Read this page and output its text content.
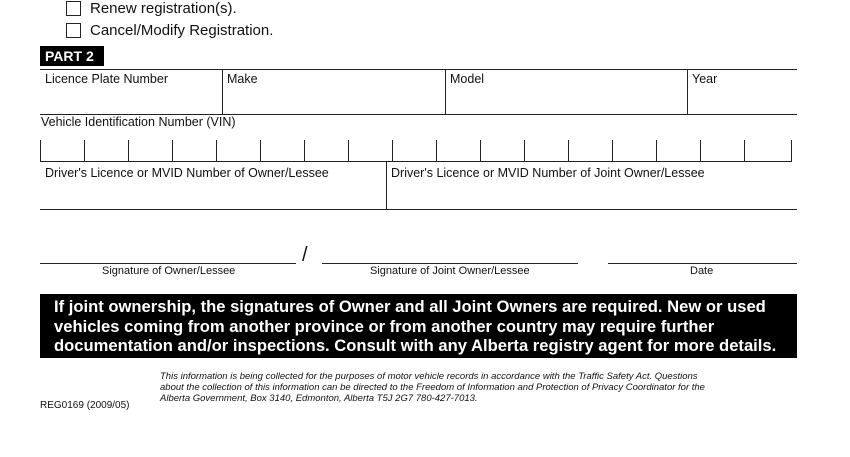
Renew registration(s).
Cancel/Modify Registration.
PART 2
Licence Plate Number	Make	Model	Year
Vehicle Identification Number (VIN)
Driver's Licence or MVID Number of Owner/Lessee	Driver's Licence or MVID Number of Joint Owner/Lessee
/
Signature of Owner/Lessee	Signature of Joint Owner/Lessee	Date
If joint ownership, the signatures of Owner and all Joint Owners are required. New or used vehicles coming from another province or from another country may require further documentation and/or inspections. Consult with any Alberta registry agent for more details.
This information is being collected for the purposes of motor vehicle records in accordance with the Traffic Safety Act. Questions about the collection of this information can be directed to the Freedom of Information and Protection of Privacy Coordinator for the Alberta Government, Box 3140, Edmonton, Alberta T5J 2G7 780-427-7013.
REG0169 (2009/05)
